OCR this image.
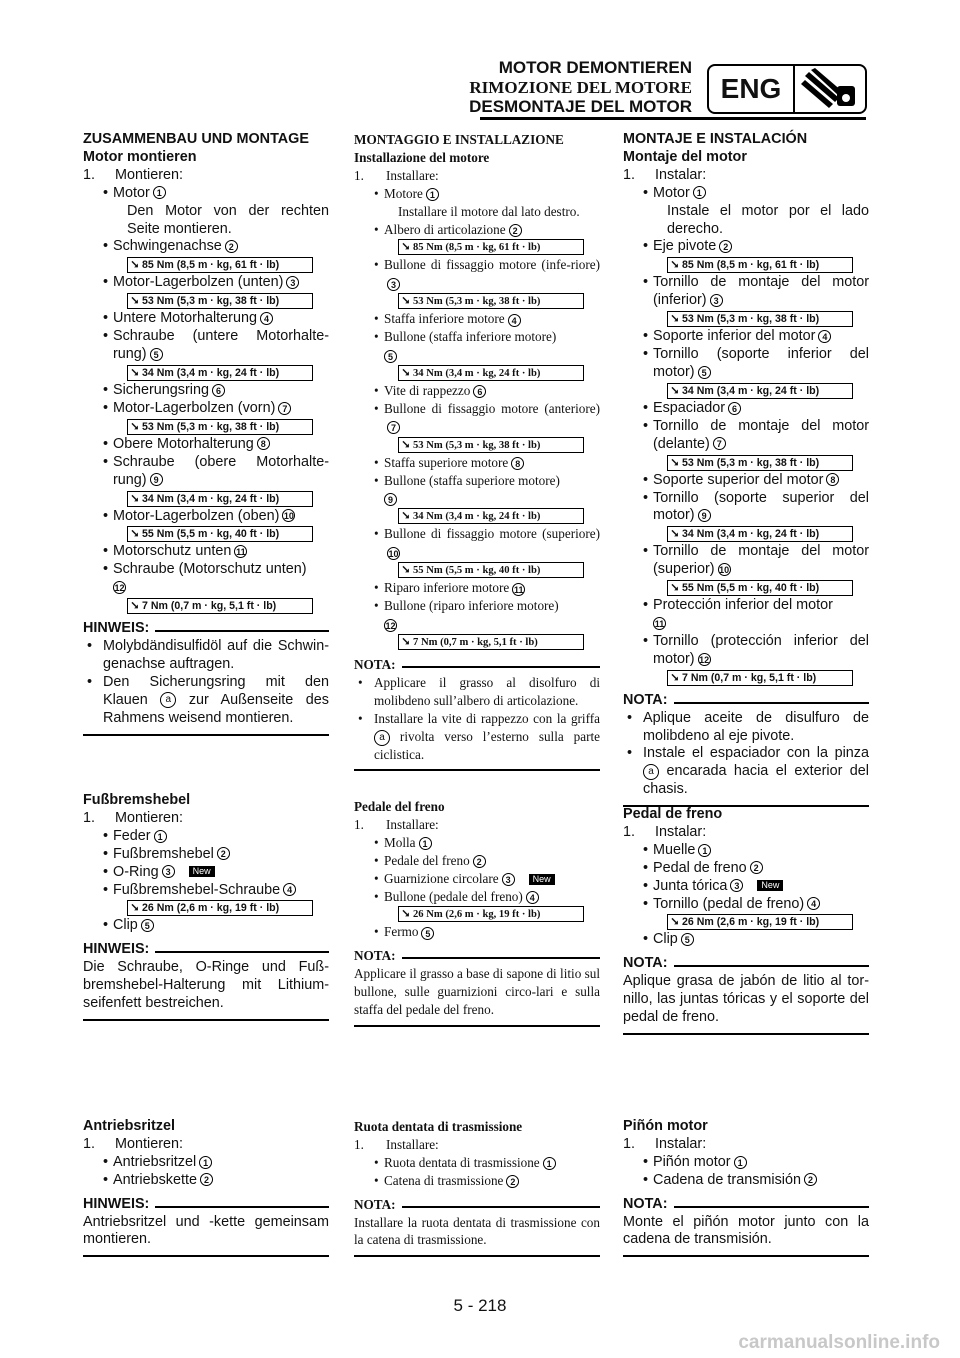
MOTOR DEMONTIEREN
RIMOZIONE DEL MOTORE
DESMONTAJE DEL MOTOR
ENG
ZUSAMMENBAU UND MONTAGE
Motor montieren
1.	Montieren:
• Motor 1
Den Motor von der rechten Seite montieren.
• Schwingenachse 2
⭨ 85 Nm (8,5 m · kg, 61 ft · lb)
• Motor-Lagerbolzen (unten) 3
⭨ 53 Nm (5,3 m · kg, 38 ft · lb)
• Untere Motorhalterung 4
• Schraube (untere Motorhalte-rung) 5
⭨ 34 Nm (3,4 m · kg, 24 ft · lb)
• Sicherungsring 6
• Motor-Lagerbolzen (vorn) 7
⭨ 53 Nm (5,3 m · kg, 38 ft · lb)
• Obere Motorhalterung 8
• Schraube (obere Motorhalte-rung) 9
⭨ 34 Nm (3,4 m · kg, 24 ft · lb)
• Motor-Lagerbolzen (oben) 10
⭨ 55 Nm (5,5 m · kg, 40 ft · lb)
• Motorschutz unten 11
• Schraube (Motorschutz unten)
12
⭨ 7 Nm (0,7 m · kg, 5,1 ft · lb)
HINWEIS:
• Molybdändisulfidöl auf die Schwin-genachse auftragen.
• Den Sicherungsring mit den Klauen a zur Außenseite des Rahmens weisend montieren.
Fußbremshebel
1.	Montieren:
• Feder 1
• Fußbremshebel 2
• O-Ring 3 New
• Fußbremshebel-Schraube 4
⭨ 26 Nm (2,6 m · kg, 19 ft · lb)
• Clip 5
HINWEIS:
Die Schraube, O-Ringe und Fuß-bremshebel-Halterung mit Lithium-seifenfett bestreichen.
Antriebsritzel
1.	Montieren:
• Antriebsritzel 1
• Antriebskette 2
HINWEIS:
Antriebsritzel und -kette gemeinsam montieren.
MONTAGGIO E INSTALLAZIONE
Installazione del motore
1.	Installare:
• Motore 1
Installare il motore dal lato destro.
• Albero di articolazione 2
⭨ 85 Nm (8,5 m · kg, 61 ft · lb)
• Bullone di fissaggio motore (infe-riore)3
⭨ 53 Nm (5,3 m · kg, 38 ft · lb)
• Staffa inferiore motore 4
• Bullone (staffa inferiore motore)
5
⭨ 34 Nm (3,4 m · kg, 24 ft · lb)
• Vite di rappezzo 6
• Bullone di fissaggio motore (anteriore)7
⭨ 53 Nm (5,3 m · kg, 38 ft · lb)
• Staffa superiore motore 8
• Bullone (staffa superiore motore)
9
⭨ 34 Nm (3,4 m · kg, 24 ft · lb)
• Bullone di fissaggio motore (superiore)10
⭨ 55 Nm (5,5 m · kg, 40 ft · lb)
• Riparo inferiore motore 11
• Bullone (riparo inferiore motore)
12
⭨ 7 Nm (0,7 m · kg, 5,1 ft · lb)
NOTA:
• Applicare il grasso al disolfuro di molibdeno sull’albero di articolazione.
• Installare la vite di rappezzo con la griffa a rivolta verso l’esterno sulla parte ciclistica.
Pedale del freno
1.	Installare:
• Molla 1
• Pedale del freno 2
• Guarnizione circolare 3 New
• Bullone (pedale del freno) 4
⭨ 26 Nm (2,6 m · kg, 19 ft · lb)
• Fermo 5
NOTA:
Applicare il grasso a base di sapone di litio sul bullone, sulle guarnizioni circo-lari e sulla staffa del pedale del freno.
Ruota dentata di trasmissione
1.	Installare:
• Ruota dentata di trasmissione 1
• Catena di trasmissione 2
NOTA:
Installare la ruota dentata di trasmissione con la catena di trasmissione.
MONTAJE E INSTALACIÓN
Montaje del motor
1.	Instalar:
• Motor 1
Instale el motor por el lado derecho.
• Eje pivote 2
⭨ 85 Nm (8,5 m · kg, 61 ft · lb)
• Tornillo de montaje del motor (inferior) 3
⭨ 53 Nm (5,3 m · kg, 38 ft · lb)
• Soporte inferior del motor 4
• Tornillo (soporte inferior del motor) 5
⭨ 34 Nm (3,4 m · kg, 24 ft · lb)
• Espaciador 6
• Tornillo de montaje del motor (delante) 7
⭨ 53 Nm (5,3 m · kg, 38 ft · lb)
• Soporte superior del motor 8
• Tornillo (soporte superior del motor) 9
⭨ 34 Nm (3,4 m · kg, 24 ft · lb)
• Tornillo de montaje del motor (superior) 10
⭨ 55 Nm (5,5 m · kg, 40 ft · lb)
• Protección inferior del motor
11
• Tornillo (protección inferior del motor) 12
⭨ 7 Nm (0,7 m · kg, 5,1 ft · lb)
NOTA:
• Aplique aceite de disulfuro de molibdeno al eje pivote.
• Instale el espaciador con la pinza a encarada hacia el exterior del chasis.
Pedal de freno
1.	Instalar:
• Muelle 1
• Pedal de freno 2
• Junta tórica 3 New
• Tornillo (pedal de freno) 4
⭨ 26 Nm (2,6 m · kg, 19 ft · lb)
• Clip 5
NOTA:
Aplique grasa de jabón de litio al tor-nillo, las juntas tóricas y el soporte del pedal de freno.
Piñón motor
1.	Instalar:
• Piñón motor 1
• Cadena de transmisión 2
NOTA:
Monte el piñón motor junto con la cadena de transmisión.
5 - 218
carmanualsonline.info
